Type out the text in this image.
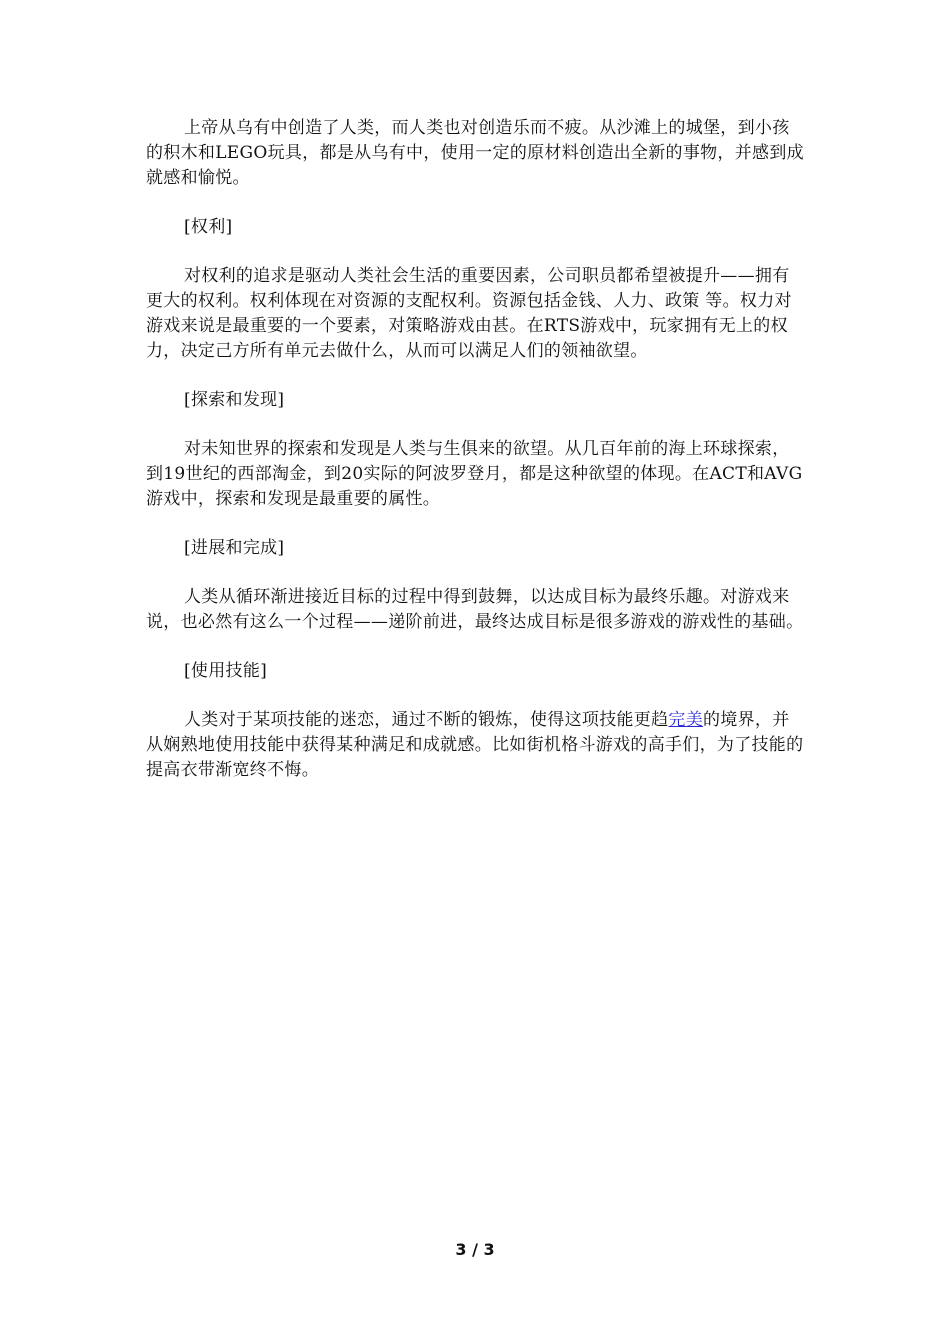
上帝从乌有中创造了人类，而人类也对创造乐而不疲。从沙滩上的城堡，到小孩的积木和LEGO玩具，都是从乌有中，使用一定的原材料创造出全新的事物，并感到成就感和愉悦。

[权利]

对权利的追求是驱动人类社会生活的重要因素，公司职员都希望被提升——拥有更大的权利。权利体现在对资源的支配权利。资源包括金钱、人力、政策 等。权力对游戏来说是最重要的一个要素，对策略游戏由甚。在RTS游戏中，玩家拥有无上的权力，决定己方所有单元去做什么，从而可以满足人们的领袖欲望。

[探索和发现]

对未知世界的探索和发现是人类与生俱来的欲望。从几百年前的海上环球探索，到19世纪的西部淘金，到20实际的阿波罗登月，都是这种欲望的体现。在ACT和AVG游戏中，探索和发现是最重要的属性。

[进展和完成]

人类从循环渐进接近目标的过程中得到鼓舞，以达成目标为最终乐趣。对游戏来说，也必然有这么一个过程——递阶前进，最终达成目标是很多游戏的游戏性的基础。

[使用技能]

人类对于某项技能的迷恋，通过不断的锻炼，使得这项技能更趋完美的境界，并从娴熟地使用技能中获得某种满足和成就感。比如街机格斗游戏的高手们，为了技能的提高衣带渐宽终不悔。

3 / 3
